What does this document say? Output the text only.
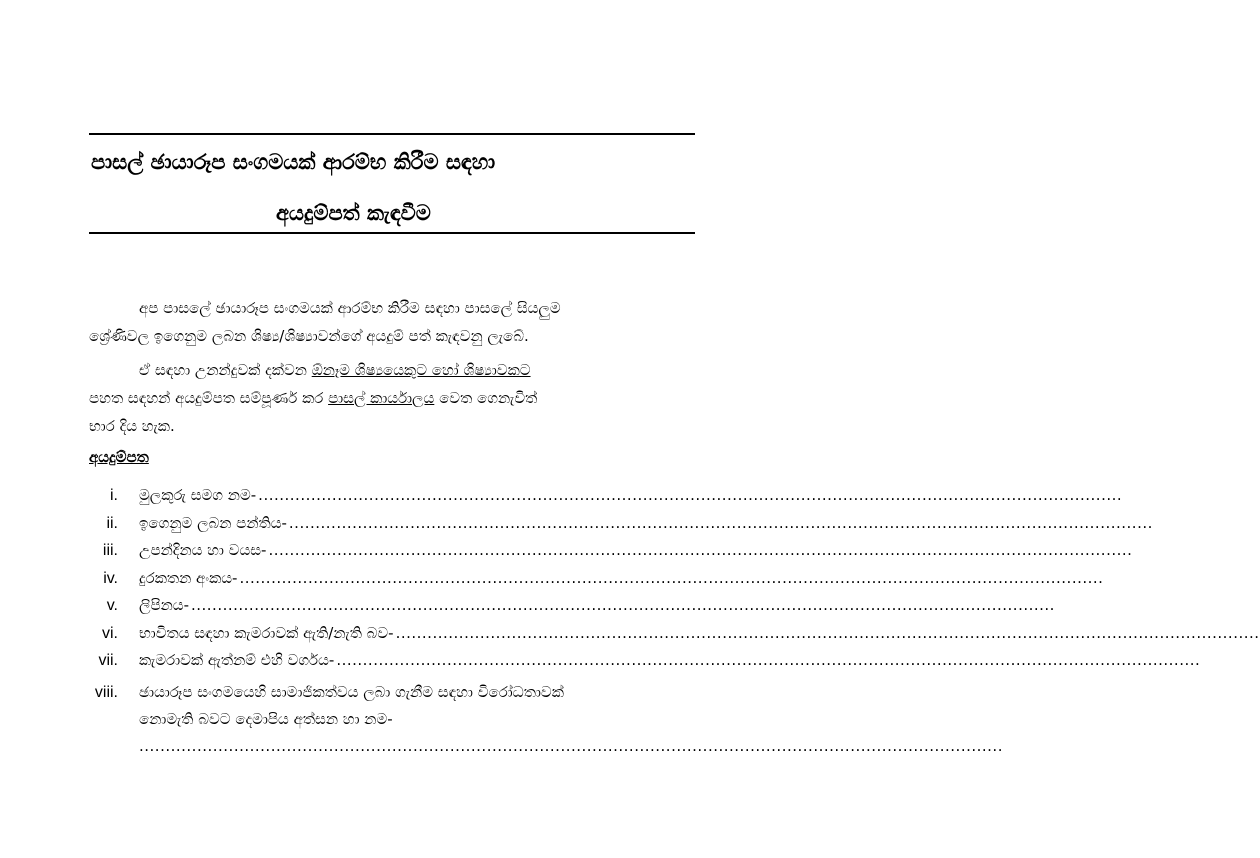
පාසල් ඡායාරූප සංගමයක් ආරම්භ කිරීම සඳහා
අයදුම්පත් කැඳවීම
අප පාසලේ ඡායාරූප සංගමයක් ආරම්භ කිරීම සඳහා පාසලේ සියලුම
ශ්‍රේණිවල ඉගෙනුම ලබන ශිෂ්‍ය/ශිෂ්‍යාවන්ගේ අයදුම් පත් කැඳවනු ලැබේ.
ඒ සඳහා උනන්දුවක් දක්වන ඕනෑම ශිෂ්‍යයෙකුට හෝ ශිෂ්‍යාවකට
පහත සඳහන් අයදුම්පත සම්පූර්ණ කර පාසල් කාර්යාලය වෙත ගෙනැවිත්
භාර දිය හැක.
අයදුම්පත
i. මුලකුරු සමග නම- ....................................................................................................................................................................
ii. ඉගෙනුම ලබන පන්තිය- ....................................................................................................................................................................
iii. උපන්දිනය හා වයස- ....................................................................................................................................................................
iv. දුරකතන අංකය- ....................................................................................................................................................................
v. ලිපිනය- ....................................................................................................................................................................
vi. භාවිතය සඳහා කැමරාවක් ඇති/නැති බව- ....................................................................................................................................................................
vii. කැමරාවක් ඇත්නම් එහි වර්ගය- ....................................................................................................................................................................
viii. ඡායාරූප සංගමයෙහි සාමාජිකත්වය ලබා ගැනීම සඳහා විරෝධතාවක්
නොමැති බවට දෙමාපිය අත්සන හා නම-
....................................................................................................................................................................
